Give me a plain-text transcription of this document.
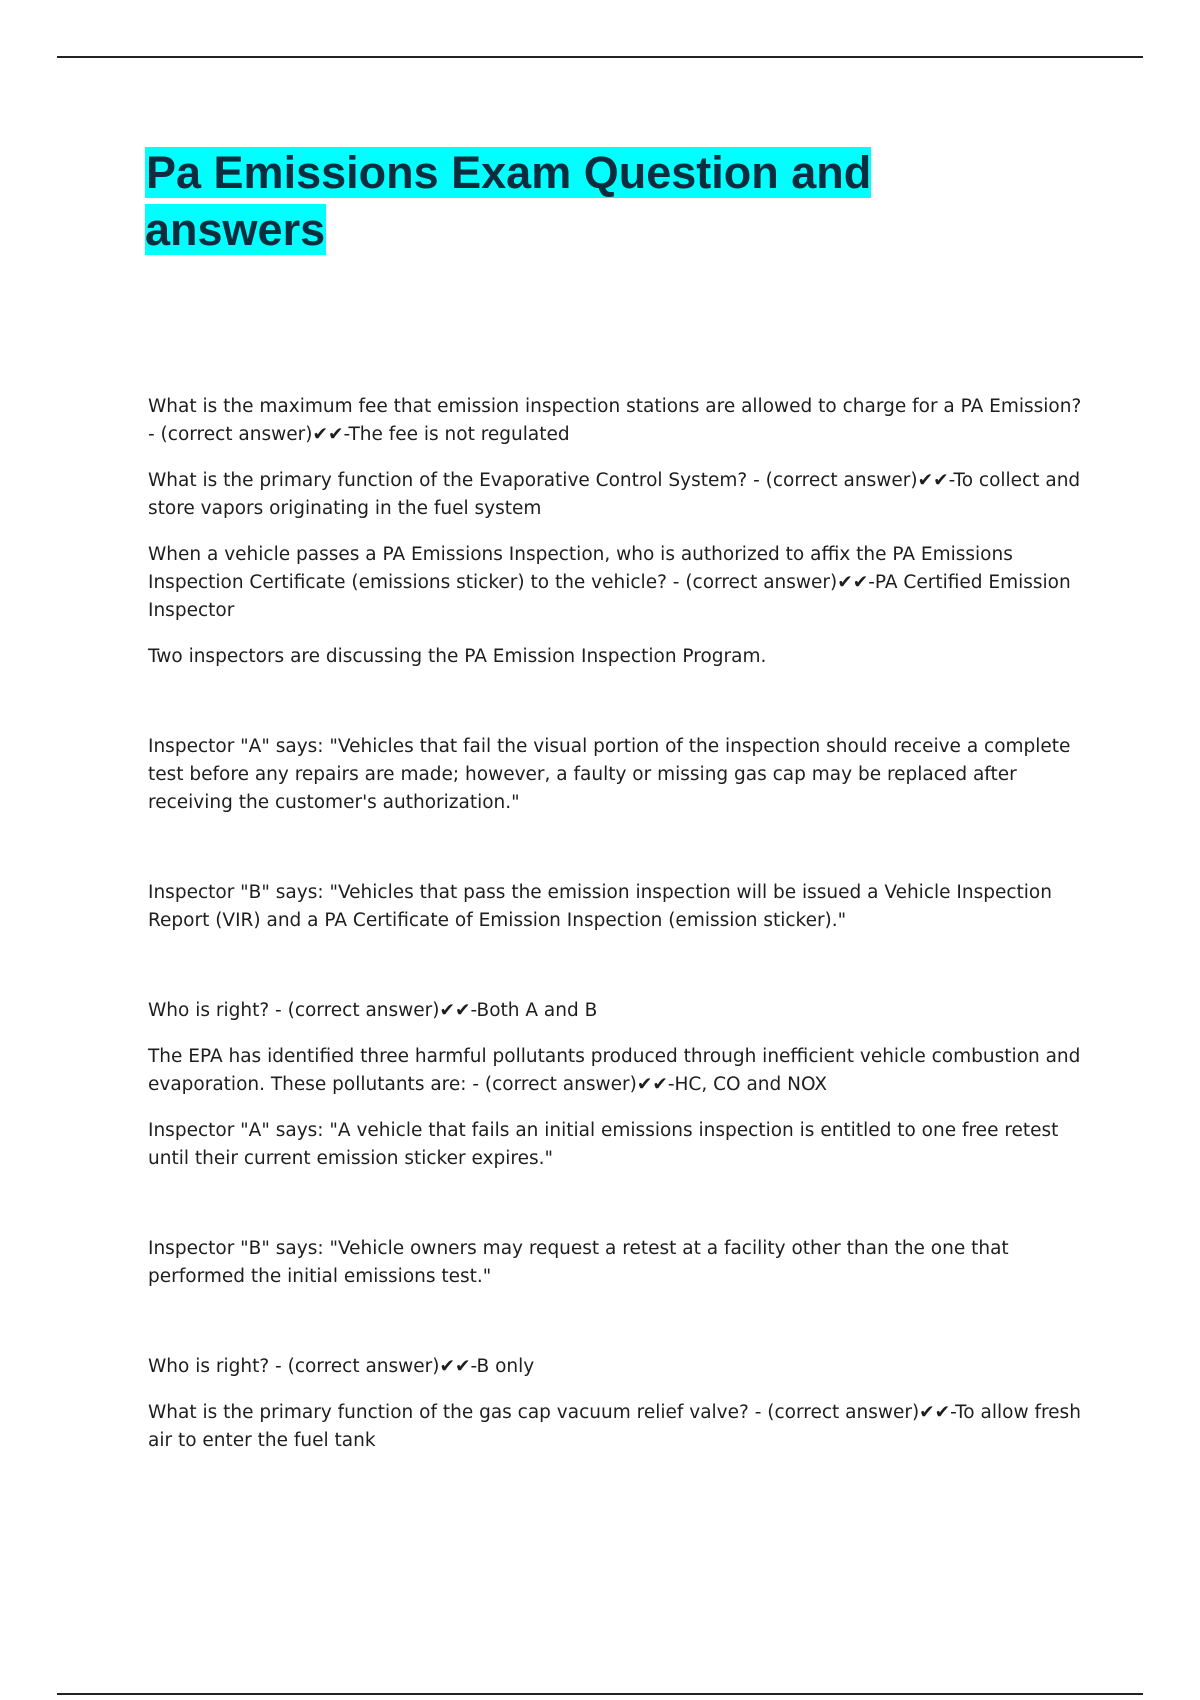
Pa Emissions Exam Question and answers

What is the maximum fee that emission inspection stations are allowed to charge for a PA Emission? - (correct answer)✔✔-The fee is not regulated

What is the primary function of the Evaporative Control System? - (correct answer)✔✔-To collect and store vapors originating in the fuel system

When a vehicle passes a PA Emissions Inspection, who is authorized to affix the PA Emissions Inspection Certificate (emissions sticker) to the vehicle? - (correct answer)✔✔-PA Certified Emission Inspector

Two inspectors are discussing the PA Emission Inspection Program.

Inspector "A" says: "Vehicles that fail the visual portion of the inspection should receive a complete test before any repairs are made; however, a faulty or missing gas cap may be replaced after receiving the customer's authorization."

Inspector "B" says: "Vehicles that pass the emission inspection will be issued a Vehicle Inspection Report (VIR) and a PA Certificate of Emission Inspection (emission sticker)."

Who is right? - (correct answer)✔✔-Both A and B

The EPA has identified three harmful pollutants produced through inefficient vehicle combustion and evaporation. These pollutants are: - (correct answer)✔✔-HC, CO and NOX

Inspector "A" says: "A vehicle that fails an initial emissions inspection is entitled to one free retest until their current emission sticker expires."

Inspector "B" says: "Vehicle owners may request a retest at a facility other than the one that performed the initial emissions test."

Who is right? - (correct answer)✔✔-B only

What is the primary function of the gas cap vacuum relief valve? - (correct answer)✔✔-To allow fresh air to enter the fuel tank
